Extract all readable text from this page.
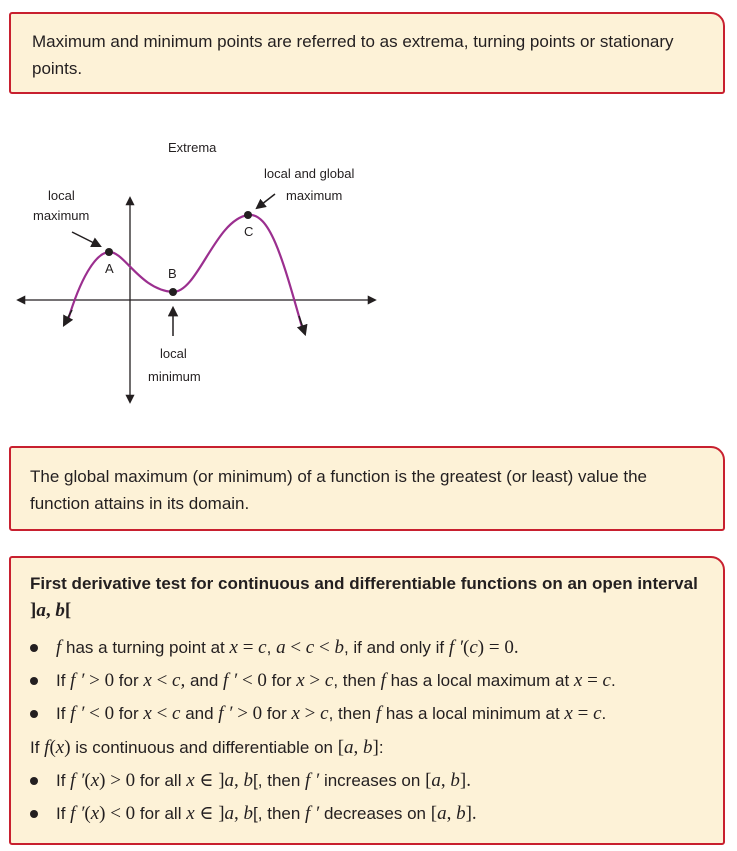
Maximum and minimum points are referred to as extrema, turning points or stationary points.
A	B
C
Extrema
local
maximum
local and global
maximum
local
minimum
The global maximum (or minimum) of a function is the greatest (or least) value the function attains in its domain.
First derivative test for continuous and differentiable functions on an open interval ]a, b[
f has a turning point at x = c, a < c < b, if and only if f ′(c) = 0.
If f ′ > 0 for x < c, and f ′ < 0 for x > c, then f has a local maximum at x = c.
If f ′ < 0 for x < c and f ′ > 0 for x > c, then f has a local minimum at x = c.
If f(x) is continuous and differentiable on [a, b]:
If f ′(x) > 0 for all x ∈ ]a, b[, then f ′ increases on [a, b].
If f ′(x) < 0 for all x ∈ ]a, b[, then f ′ decreases on [a, b].
